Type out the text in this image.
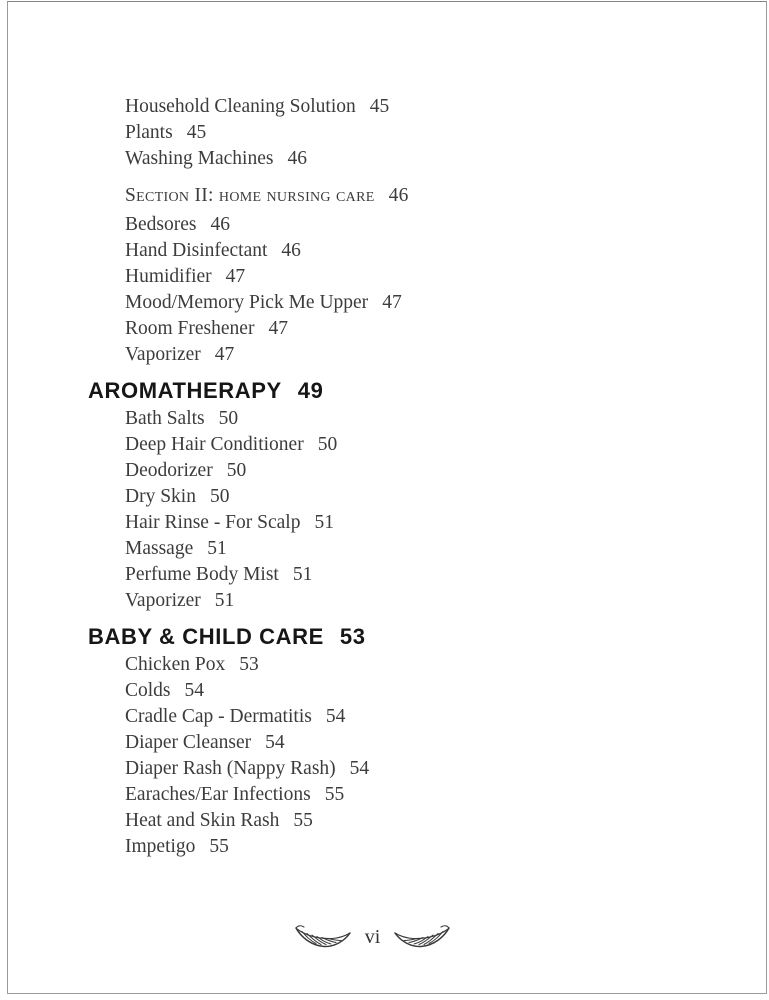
Household Cleaning Solution 45
Plants 45
Washing Machines 46
Section II: home nursing care 46
Bedsores 46
Hand Disinfectant 46
Humidifier 47
Mood/Memory Pick Me Upper 47
Room Freshener 47
Vaporizer 47
AROMATHERAPY 49
Bath Salts 50
Deep Hair Conditioner 50
Deodorizer 50
Dry Skin 50
Hair Rinse - For Scalp 51
Massage 51
Perfume Body Mist 51
Vaporizer 51
BABY & CHILD CARE 53
Chicken Pox 53
Colds 54
Cradle Cap - Dermatitis 54
Diaper Cleanser 54
Diaper Rash (Nappy Rash) 54
Earaches/Ear Infections 55
Heat and Skin Rash 55
Impetigo 55
vi
